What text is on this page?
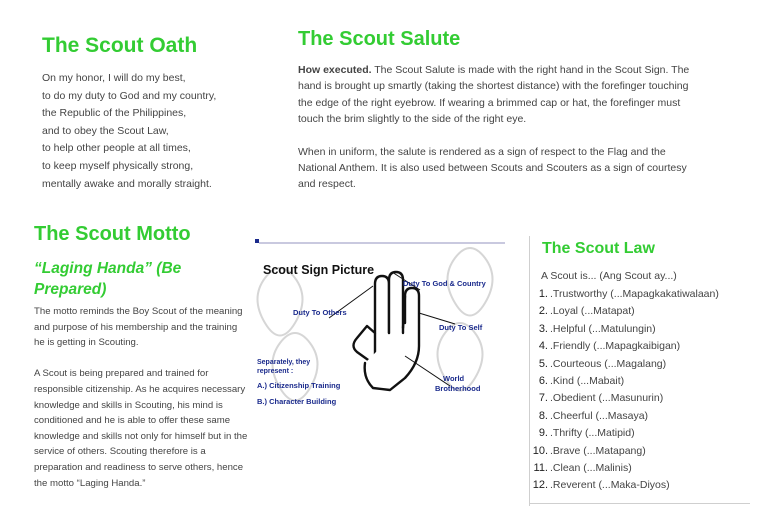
The Scout Oath
On my honor, I will do my best,
to do my duty to God and my country,
the Republic of the Philippines,
and to obey the Scout Law,
to help other people at all times,
to keep myself physically strong,
mentally awake and morally straight.
The Scout Salute

How executed. The Scout Salute is made with the right hand in the Scout Sign. The hand is brought up smartly (taking the shortest distance) with the forefinger touching the edge of the right eyebrow. If wearing a brimmed cap or hat, the forefinger must touch the brim slightly to the side of the right eye.

When in uniform, the salute is rendered as a sign of respect to the Flag and the National Anthem. It is also used between Scouts and Scouters as a sign of courtesy and respect.

The Scout Motto
“Laging Handa” (Be Prepared)

The motto reminds the Boy Scout of the meaning and purpose of his membership and the training he is getting in Scouting.

A Scout is being prepared and trained for responsible citizenship. As he acquires necessary knowledge and skills in Scouting, his mind is conditioned and he is able to offer these same knowledge and skills not only for himself but in the service of others. Scouting therefore is a preparation and readiness to serve others, hence the motto “Laging Handa.”

Scout Sign Picture
Duty To God & Country
Duty To Others
Duty To Self
Separately, they
represent :
A.) Citizenship Training
B.) Character Building
World
Brotherhood
The Scout Law
A Scout is... (Ang Scout ay...)
1. .Trustworthy (...Mapagkakatiwalaan)
2. .Loyal (...Matapat)
3. .Helpful (...Matulungin)
4. .Friendly (...Mapagkaibigan)
5. .Courteous (...Magalang)
6. .Kind (...Mabait)
7. .Obedient (...Masunurin)
8. .Cheerful (...Masaya)
9. .Thrifty (...Matipid)
10. .Brave (...Matapang)
11. .Clean (...Malinis)
12. .Reverent (...Maka-Diyos)
